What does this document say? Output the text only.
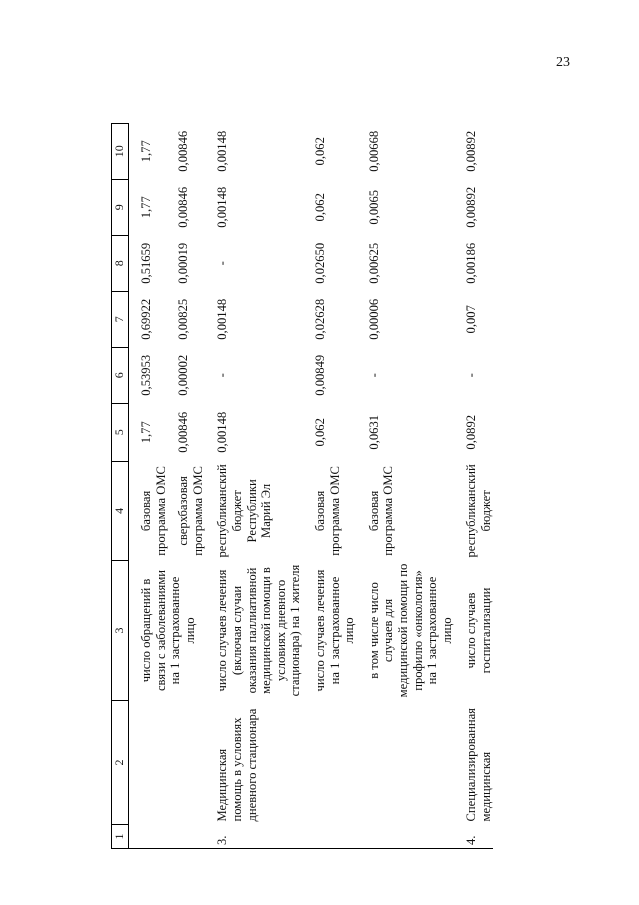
23
1	2	3	4	5	6	7	8	9	10

		число обращений в связи с заболеваниями на 1 застрахованное лицо	базовая программа ОМС	1,77	0,53953	0,69922	0,51659	1,77	1,77
			сверхбазовая программа ОМС	0,00846	0,00002	0,00825	0,00019	0,00846	0,00846

3.	Медицинская помощь в условиях дневного стационара	число случаев лечения (включая случаи оказания паллиативной медицинской помощи в условиях дневного стационара) на 1 жителя	республиканский бюджет Республики Марий Эл	0,00148	-	0,00148	-	0,00148	0,00148

		число случаев лечения на 1 застрахованное лицо	базовая программа ОМС	0,062	0,00849	0,02628	0,02650	0,062	0,062

		в том числе число случаев для медицинской помощи по профилю «онкология» на 1 застрахованное лицо	базовая программа ОМС	0,0631	-	0,00006	0,00625	0,0065	0,00668

4.	Специализированная медицинская	число случаев госпитализации	республиканский бюджет	0,0892	-	0,007	0,00186	0,00892	0,00892
